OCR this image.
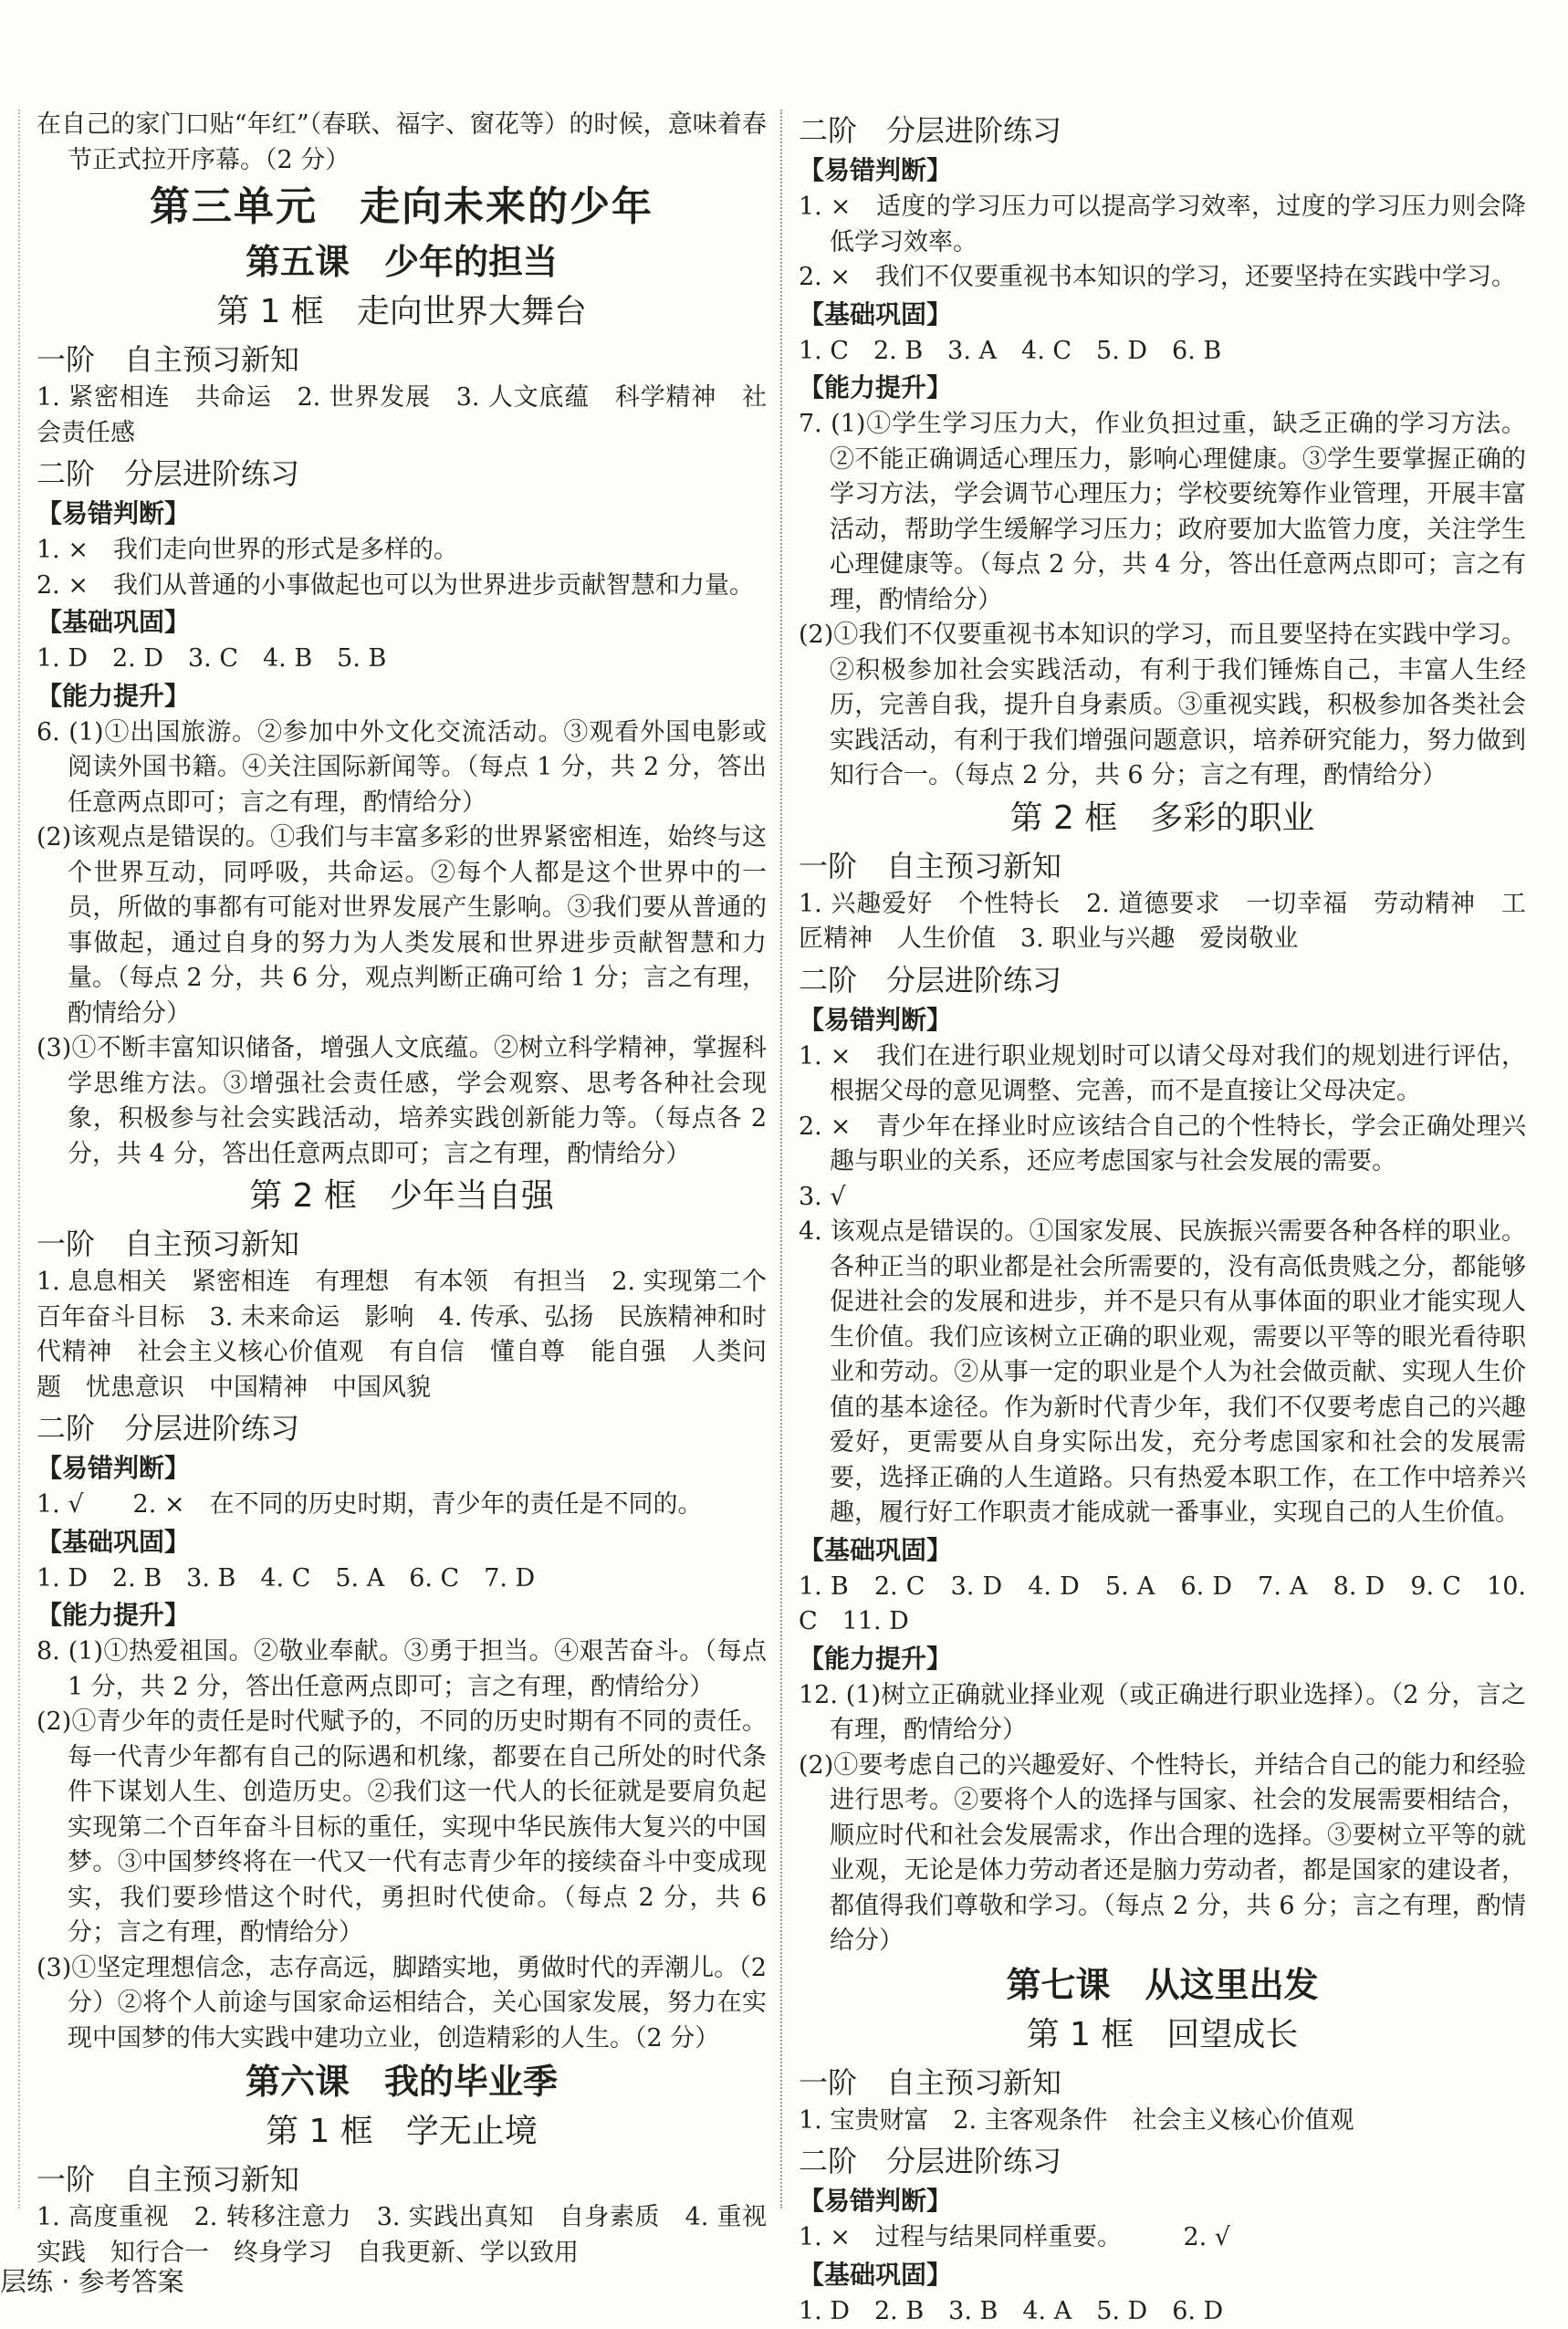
在自己的家门口贴“年红”（春联、福字、窗花等）的时候，意味着春节正式拉开序幕。（2 分）

第三单元　走向未来的少年

第五课　少年的担当

第 1 框　走向世界大舞台

一阶　自主预习新知

1. 紧密相连　共命运　2. 世界发展　3. 人文底蕴　科学精神　社会责任感

二阶　分层进阶练习

【易错判断】

1. ×　我们走向世界的形式是多样的。

2. ×　我们从普通的小事做起也可以为世界进步贡献智慧和力量。

【基础巩固】

1. D　2. D　3. C　4. B　5. B

【能力提升】

6. (1)①出国旅游。②参加中外文化交流活动。③观看外国电影或阅读外国书籍。④关注国际新闻等。（每点 1 分，共 2 分，答出任意两点即可；言之有理，酌情给分）

(2)该观点是错误的。①我们与丰富多彩的世界紧密相连，始终与这个世界互动，同呼吸，共命运。②每个人都是这个世界中的一员，所做的事都有可能对世界发展产生影响。③我们要从普通的事做起，通过自身的努力为人类发展和世界进步贡献智慧和力量。（每点 2 分，共 6 分，观点判断正确可给 1 分；言之有理，酌情给分）

(3)①不断丰富知识储备，增强人文底蕴。②树立科学精神，掌握科学思维方法。③增强社会责任感，学会观察、思考各种社会现象，积极参与社会实践活动，培养实践创新能力等。（每点各 2 分，共 4 分，答出任意两点即可；言之有理，酌情给分）

第 2 框　少年当自强

一阶　自主预习新知

1. 息息相关　紧密相连　有理想　有本领　有担当　2. 实现第二个百年奋斗目标　3. 未来命运　影响　4. 传承、弘扬　民族精神和时代精神　社会主义核心价值观　有自信　懂自尊　能自强　人类问题　忧患意识　中国精神　中国风貌

二阶　分层进阶练习

【易错判断】

1. √　　2. ×　在不同的历史时期，青少年的责任是不同的。

【基础巩固】

1. D　2. B　3. B　4. C　5. A　6. C　7. D

【能力提升】

8. (1)①热爱祖国。②敬业奉献。③勇于担当。④艰苦奋斗。（每点 1 分，共 2 分，答出任意两点即可；言之有理，酌情给分）

(2)①青少年的责任是时代赋予的，不同的历史时期有不同的责任。每一代青少年都有自己的际遇和机缘，都要在自己所处的时代条件下谋划人生、创造历史。②我们这一代人的长征就是要肩负起实现第二个百年奋斗目标的重任，实现中华民族伟大复兴的中国梦。③中国梦终将在一代又一代有志青少年的接续奋斗中变成现实，我们要珍惜这个时代，勇担时代使命。（每点 2 分，共 6 分；言之有理，酌情给分）

(3)①坚定理想信念，志存高远，脚踏实地，勇做时代的弄潮儿。（2 分）②将个人前途与国家命运相结合，关心国家发展，努力在实现中国梦的伟大实践中建功立业，创造精彩的人生。（2 分）

第六课　我的毕业季

第 1 框　学无止境

一阶　自主预习新知

1. 高度重视　2. 转移注意力　3. 实践出真知　自身素质　4. 重视实践　知行合一　终身学习　自我更新、学以致用

二阶　分层进阶练习

【易错判断】

1. ×　适度的学习压力可以提高学习效率，过度的学习压力则会降低学习效率。

2. ×　我们不仅要重视书本知识的学习，还要坚持在实践中学习。

【基础巩固】

1. C　2. B　3. A　4. C　5. D　6. B

【能力提升】

7. (1)①学生学习压力大，作业负担过重，缺乏正确的学习方法。②不能正确调适心理压力，影响心理健康。③学生要掌握正确的学习方法，学会调节心理压力；学校要统筹作业管理，开展丰富活动，帮助学生缓解学习压力；政府要加大监管力度，关注学生心理健康等。（每点 2 分，共 4 分，答出任意两点即可；言之有理，酌情给分）

(2)①我们不仅要重视书本知识的学习，而且要坚持在实践中学习。②积极参加社会实践活动，有利于我们锤炼自己，丰富人生经历，完善自我，提升自身素质。③重视实践，积极参加各类社会实践活动，有利于我们增强问题意识，培养研究能力，努力做到知行合一。（每点 2 分，共 6 分；言之有理，酌情给分）

第 2 框　多彩的职业

一阶　自主预习新知

1. 兴趣爱好　个性特长　2. 道德要求　一切幸福　劳动精神　工匠精神　人生价值　3. 职业与兴趣　爱岗敬业

二阶　分层进阶练习

【易错判断】

1. ×　我们在进行职业规划时可以请父母对我们的规划进行评估，根据父母的意见调整、完善，而不是直接让父母决定。

2. ×　青少年在择业时应该结合自己的个性特长，学会正确处理兴趣与职业的关系，还应考虑国家与社会发展的需要。

3. √

4. 该观点是错误的。①国家发展、民族振兴需要各种各样的职业。各种正当的职业都是社会所需要的，没有高低贵贱之分，都能够促进社会的发展和进步，并不是只有从事体面的职业才能实现人生价值。我们应该树立正确的职业观，需要以平等的眼光看待职业和劳动。②从事一定的职业是个人为社会做贡献、实现人生价值的基本途径。作为新时代青少年，我们不仅要考虑自己的兴趣爱好，更需要从自身实际出发，充分考虑国家和社会的发展需要，选择正确的人生道路。只有热爱本职工作，在工作中培养兴趣，履行好工作职责才能成就一番事业，实现自己的人生价值。

【基础巩固】

1. B　2. C　3. D　4. D　5. A　6. D　7. A　8. D　9. C　10. C　11. D

【能力提升】

12. (1)树立正确就业择业观（或正确进行职业选择）。（2 分，言之有理，酌情给分）

(2)①要考虑自己的兴趣爱好、个性特长，并结合自己的能力和经验进行思考。②要将个人的选择与国家、社会的发展需要相结合，顺应时代和社会发展需求，作出合理的选择。③要树立平等的就业观，无论是体力劳动者还是脑力劳动者，都是国家的建设者，都值得我们尊敬和学习。（每点 2 分，共 6 分；言之有理，酌情给分）

第七课　从这里出发

第 1 框　回望成长

一阶　自主预习新知

1. 宝贵财富　2. 主客观条件　社会主义核心价值观

二阶　分层进阶练习

【易错判断】

1. ×　过程与结果同样重要。　　　2. √

【基础巩固】

1. D　2. B　3. B　4. A　5. D　6. D

层练 · 参考答案
